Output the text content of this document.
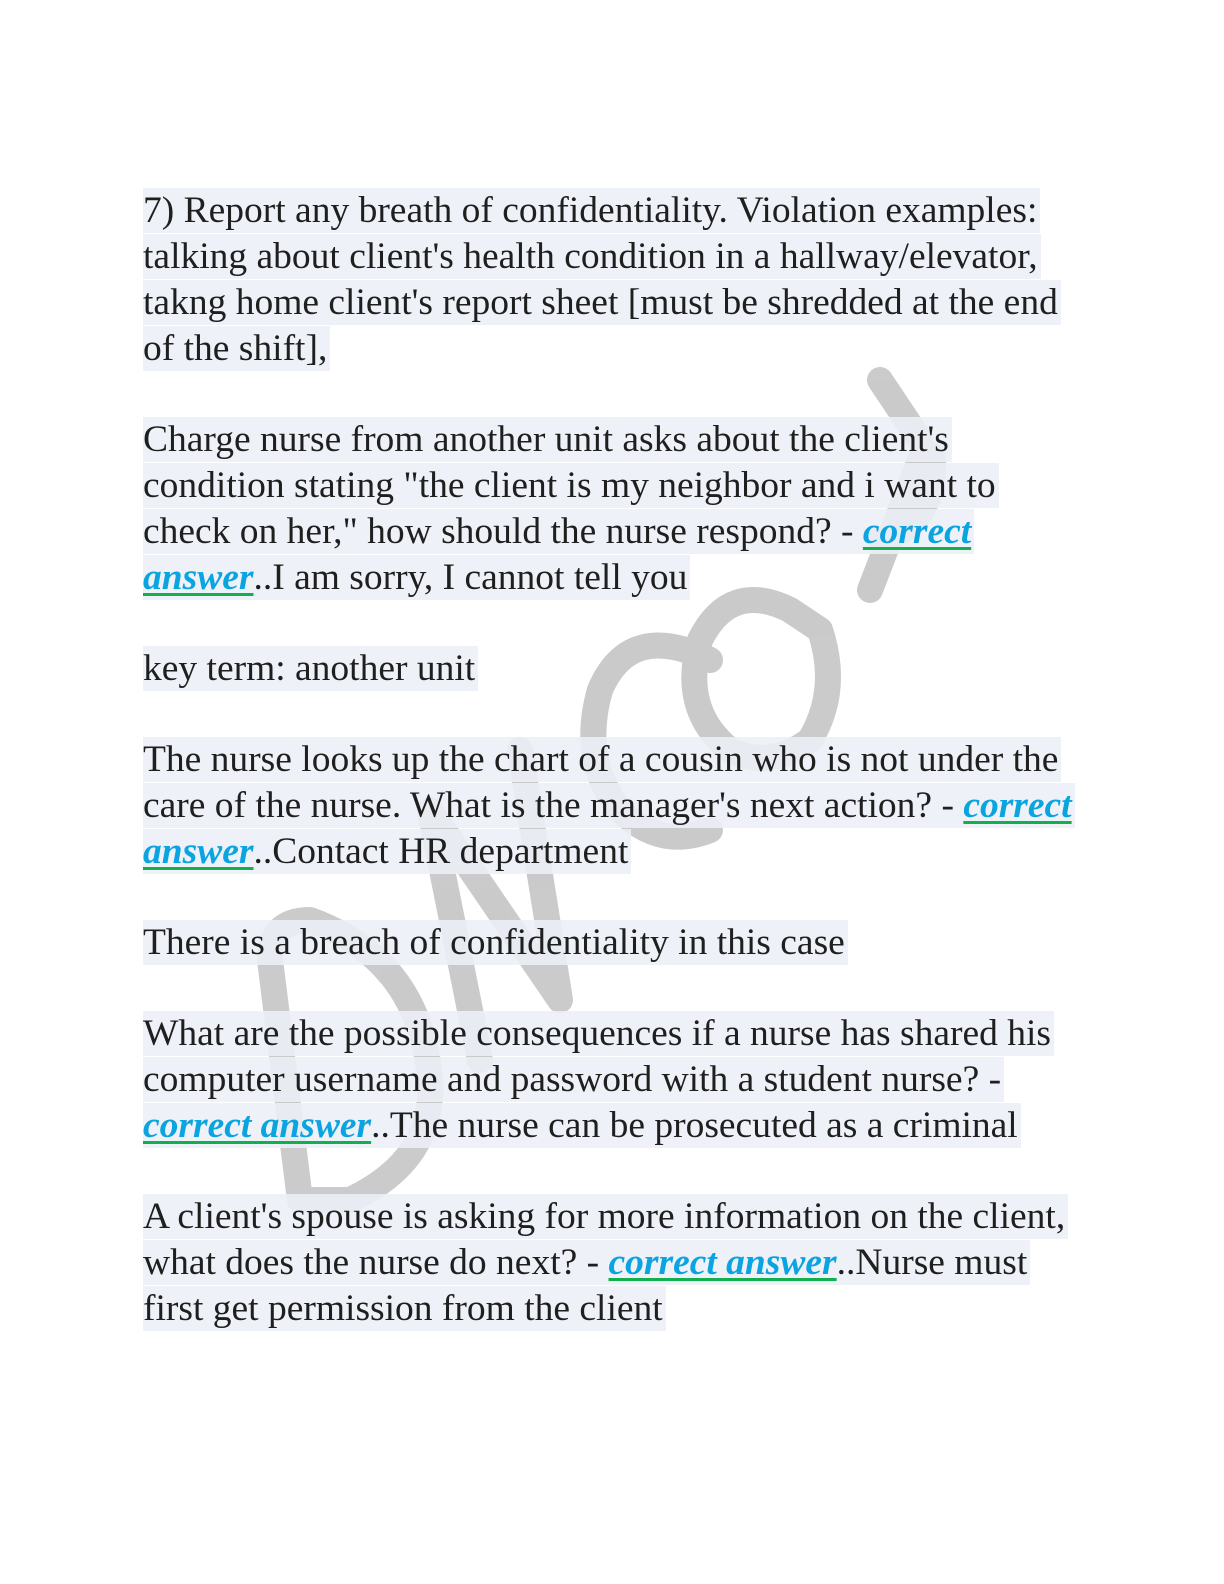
7) Report any breath of confidentiality. Violation examples: talking about client's health condition in a hallway/elevator, takng home client's report sheet [must be shredded at the end of the shift],

Charge nurse from another unit asks about the client's condition stating "the client is my neighbor and i want to check on her," how should the nurse respond? - correct answer..I am sorry, I cannot tell you

key term: another unit

The nurse looks up the chart of a cousin who is not under the care of the nurse. What is the manager's next action? - correct answer..Contact HR department

There is a breach of confidentiality in this case

What are the possible consequences if a nurse has shared his computer username and password with a student nurse? - correct answer..The nurse can be prosecuted as a criminal

A client's spouse is asking for more information on the client, what does the nurse do next? - correct answer..Nurse must first get permission from the client
